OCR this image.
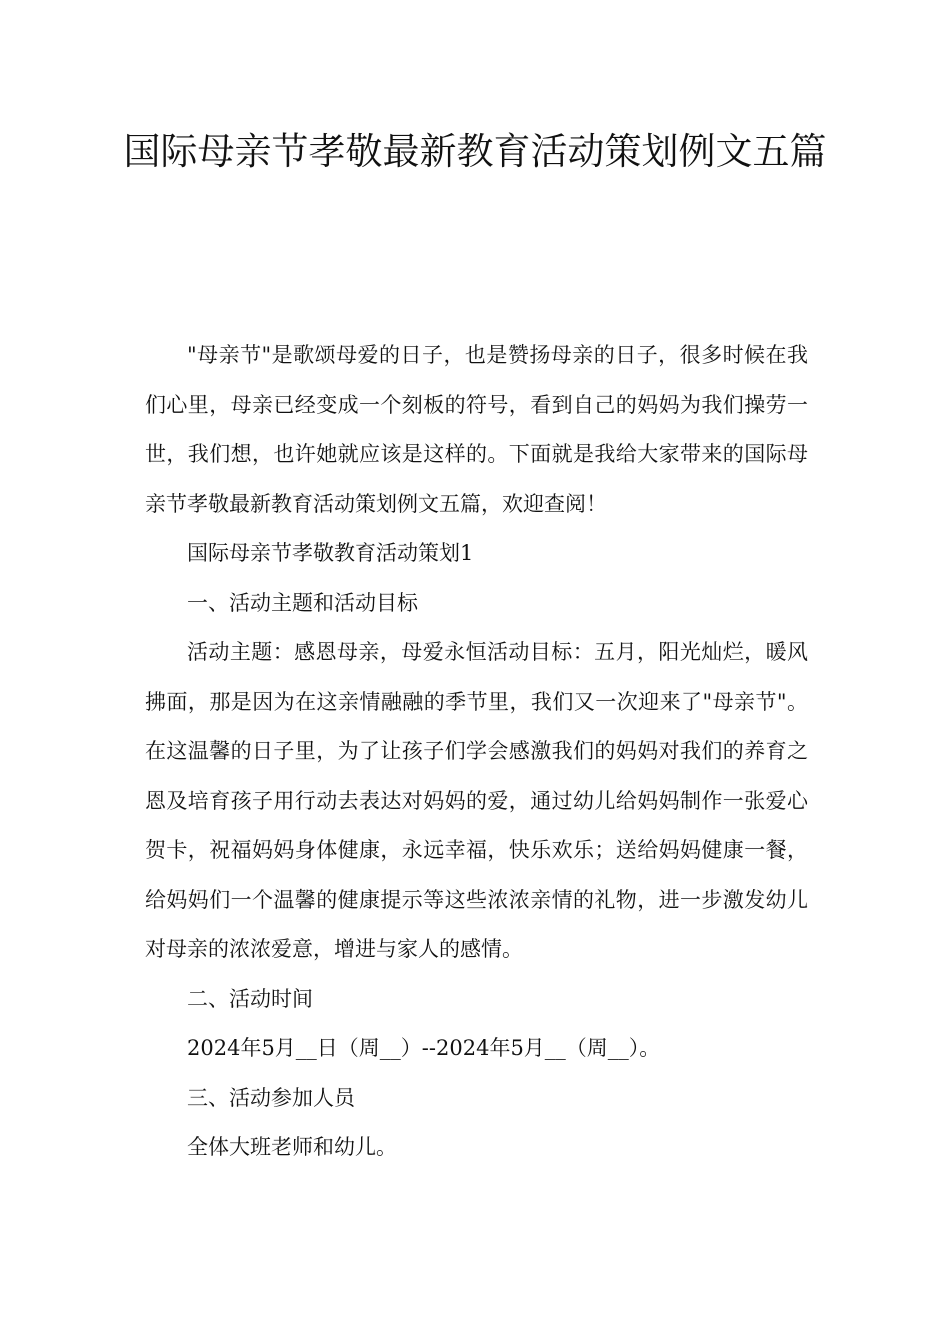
国际母亲节孝敬最新教育活动策划例文五篇

"母亲节"是歌颂母爱的日子，也是赞扬母亲的日子，很多时候在我们心里，母亲已经变成一个刻板的符号，看到自己的妈妈为我们操劳一世，我们想，也许她就应该是这样的。下面就是我给大家带来的国际母亲节孝敬最新教育活动策划例文五篇，欢迎查阅！

国际母亲节孝敬教育活动策划1

一、活动主题和活动目标

活动主题：感恩母亲，母爱永恒活动目标：五月，阳光灿烂，暖风拂面，那是因为在这亲情融融的季节里，我们又一次迎来了"母亲节"。在这温馨的日子里，为了让孩子们学会感激我们的妈妈对我们的养育之恩及培育孩子用行动去表达对妈妈的爱，通过幼儿给妈妈制作一张爱心贺卡，祝福妈妈身体健康，永远幸福，快乐欢乐；送给妈妈健康一餐，给妈妈们一个温馨的健康提示等这些浓浓亲情的礼物，进一步激发幼儿对母亲的浓浓爱意，增进与家人的感情。

二、活动时间

2024年5月__日（周__）--2024年5月__（周__）。

三、活动参加人员

全体大班老师和幼儿。
